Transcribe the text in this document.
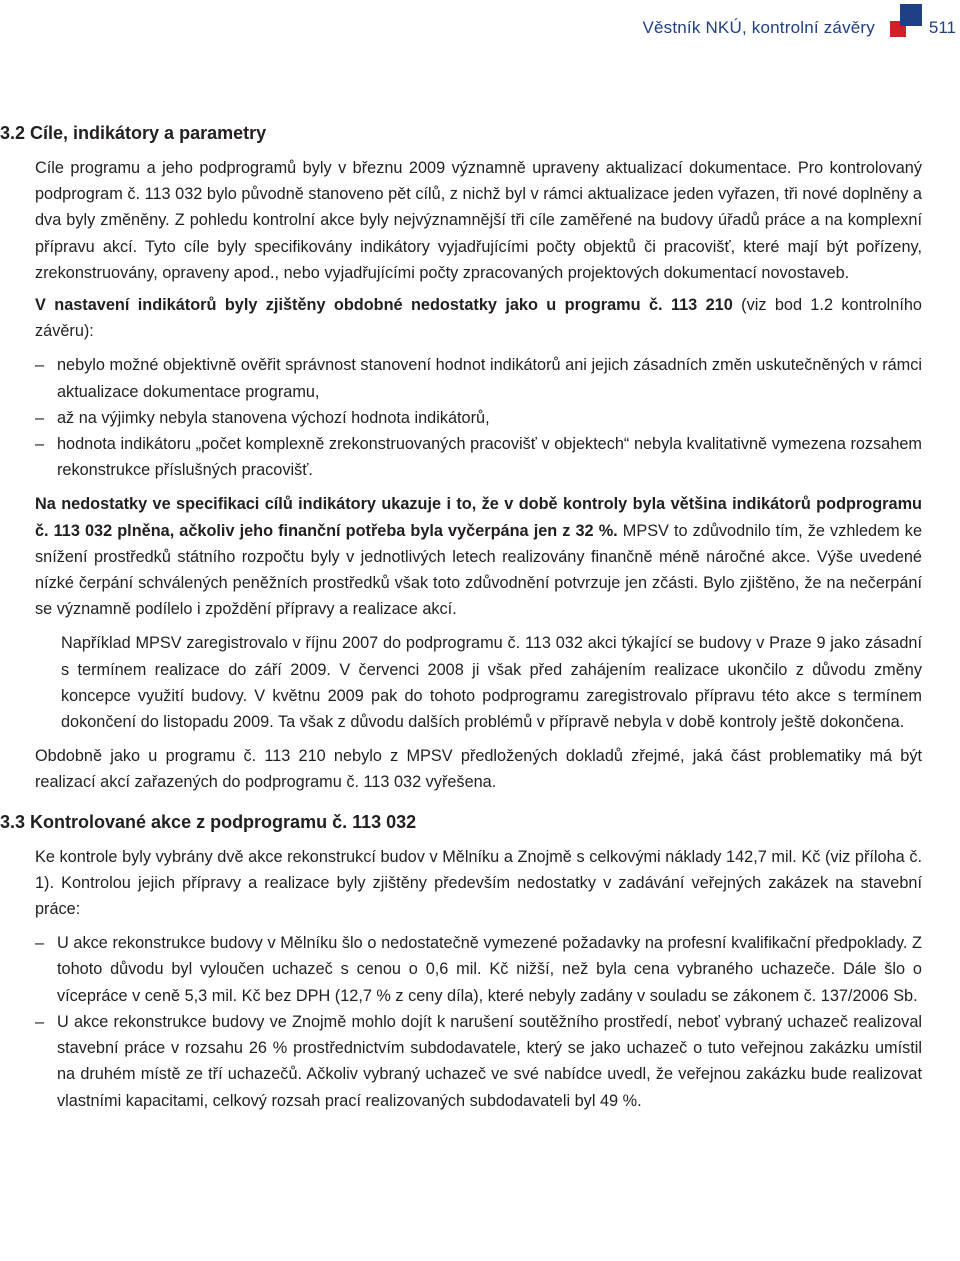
Věstník NKÚ, kontrolní závěry	511
3.2 Cíle, indikátory a parametry

Cíle programu a jeho podprogramů byly v březnu 2009 významně upraveny aktualizací dokumentace. Pro kontrolovaný podprogram č. 113 032 bylo původně stanoveno pět cílů, z nichž byl v rámci aktualizace jeden vyřazen, tři nové doplněny a dva byly změněny. Z pohledu kontrolní akce byly nejvýznamnější tři cíle zaměřené na budovy úřadů práce a na komplexní přípravu akcí. Tyto cíle byly specifikovány indikátory vyjadřujícími počty objektů či pracovišť, které mají být pořízeny, zrekonstruovány, opraveny apod., nebo vyjadřujícími počty zpracovaných projektových dokumentací novostaveb.

V nastavení indikátorů byly zjištěny obdobné nedostatky jako u programu č. 113 210 (viz bod 1.2 kontrolního závěru):

– nebylo možné objektivně ověřit správnost stanovení hodnot indikátorů ani jejich zásadních změn uskutečněných v rámci aktualizace dokumentace programu,
– až na výjimky nebyla stanovena výchozí hodnota indikátorů,
– hodnota indikátoru „počet komplexně zrekonstruovaných pracovišť v objektech“ nebyla kvalitativně vymezena rozsahem rekonstrukce příslušných pracovišť.

Na nedostatky ve specifikaci cílů indikátory ukazuje i to, že v době kontroly byla většina indikátorů podprogramu č. 113 032 plněna, ačkoliv jeho finanční potřeba byla vyčerpána jen z 32 %. MPSV to zdůvodnilo tím, že vzhledem ke snížení prostředků státního rozpočtu byly v jednotlivých letech realizovány finančně méně náročné akce. Výše uvedené nízké čerpání schválených peněžních prostředků však toto zdůvodnění potvrzuje jen zčásti. Bylo zjištěno, že na nečerpání se významně podílelo i zpoždění přípravy a realizace akcí.

Například MPSV zaregistrovalo v říjnu 2007 do podprogramu č. 113 032 akci týkající se budovy v Praze 9 jako zásadní s termínem realizace do září 2009. V červenci 2008 ji však před zahájením realizace ukončilo z důvodu změny koncepce využití budovy. V květnu 2009 pak do tohoto podprogramu zaregistrovalo přípravu této akce s termínem dokončení do listopadu 2009. Ta však z důvodu dalších problémů v přípravě nebyla v době kontroly ještě dokončena.

Obdobně jako u programu č. 113 210 nebylo z MPSV předložených dokladů zřejmé, jaká část problematiky má být realizací akcí zařazených do podprogramu č. 113 032 vyřešena.

3.3 Kontrolované akce z podprogramu č. 113 032

Ke kontrole byly vybrány dvě akce rekonstrukcí budov v Mělníku a Znojmě s celkovými náklady 142,7 mil. Kč (viz příloha č. 1). Kontrolou jejich přípravy a realizace byly zjištěny především nedostatky v zadávání veřejných zakázek na stavební práce:

– U akce rekonstrukce budovy v Mělníku šlo o nedostatečně vymezené požadavky na profesní kvalifikační předpoklady. Z tohoto důvodu byl vyloučen uchazeč s cenou o 0,6 mil. Kč nižší, než byla cena vybraného uchazeče. Dále šlo o vícepráce v ceně 5,3 mil. Kč bez DPH (12,7 % z ceny díla), které nebyly zadány v souladu se zákonem č. 137/2006 Sb.
– U akce rekonstrukce budovy ve Znojmě mohlo dojít k narušení soutěžního prostředí, neboť vybraný uchazeč realizoval stavební práce v rozsahu 26 % prostřednictvím subdodavatele, který se jako uchazeč o tuto veřejnou zakázku umístil na druhém místě ze tří uchazečů. Ačkoliv vybraný uchazeč ve své nabídce uvedl, že veřejnou zakázku bude realizovat vlastními kapacitami, celkový rozsah prací realizovaných subdodavateli byl 49 %.
